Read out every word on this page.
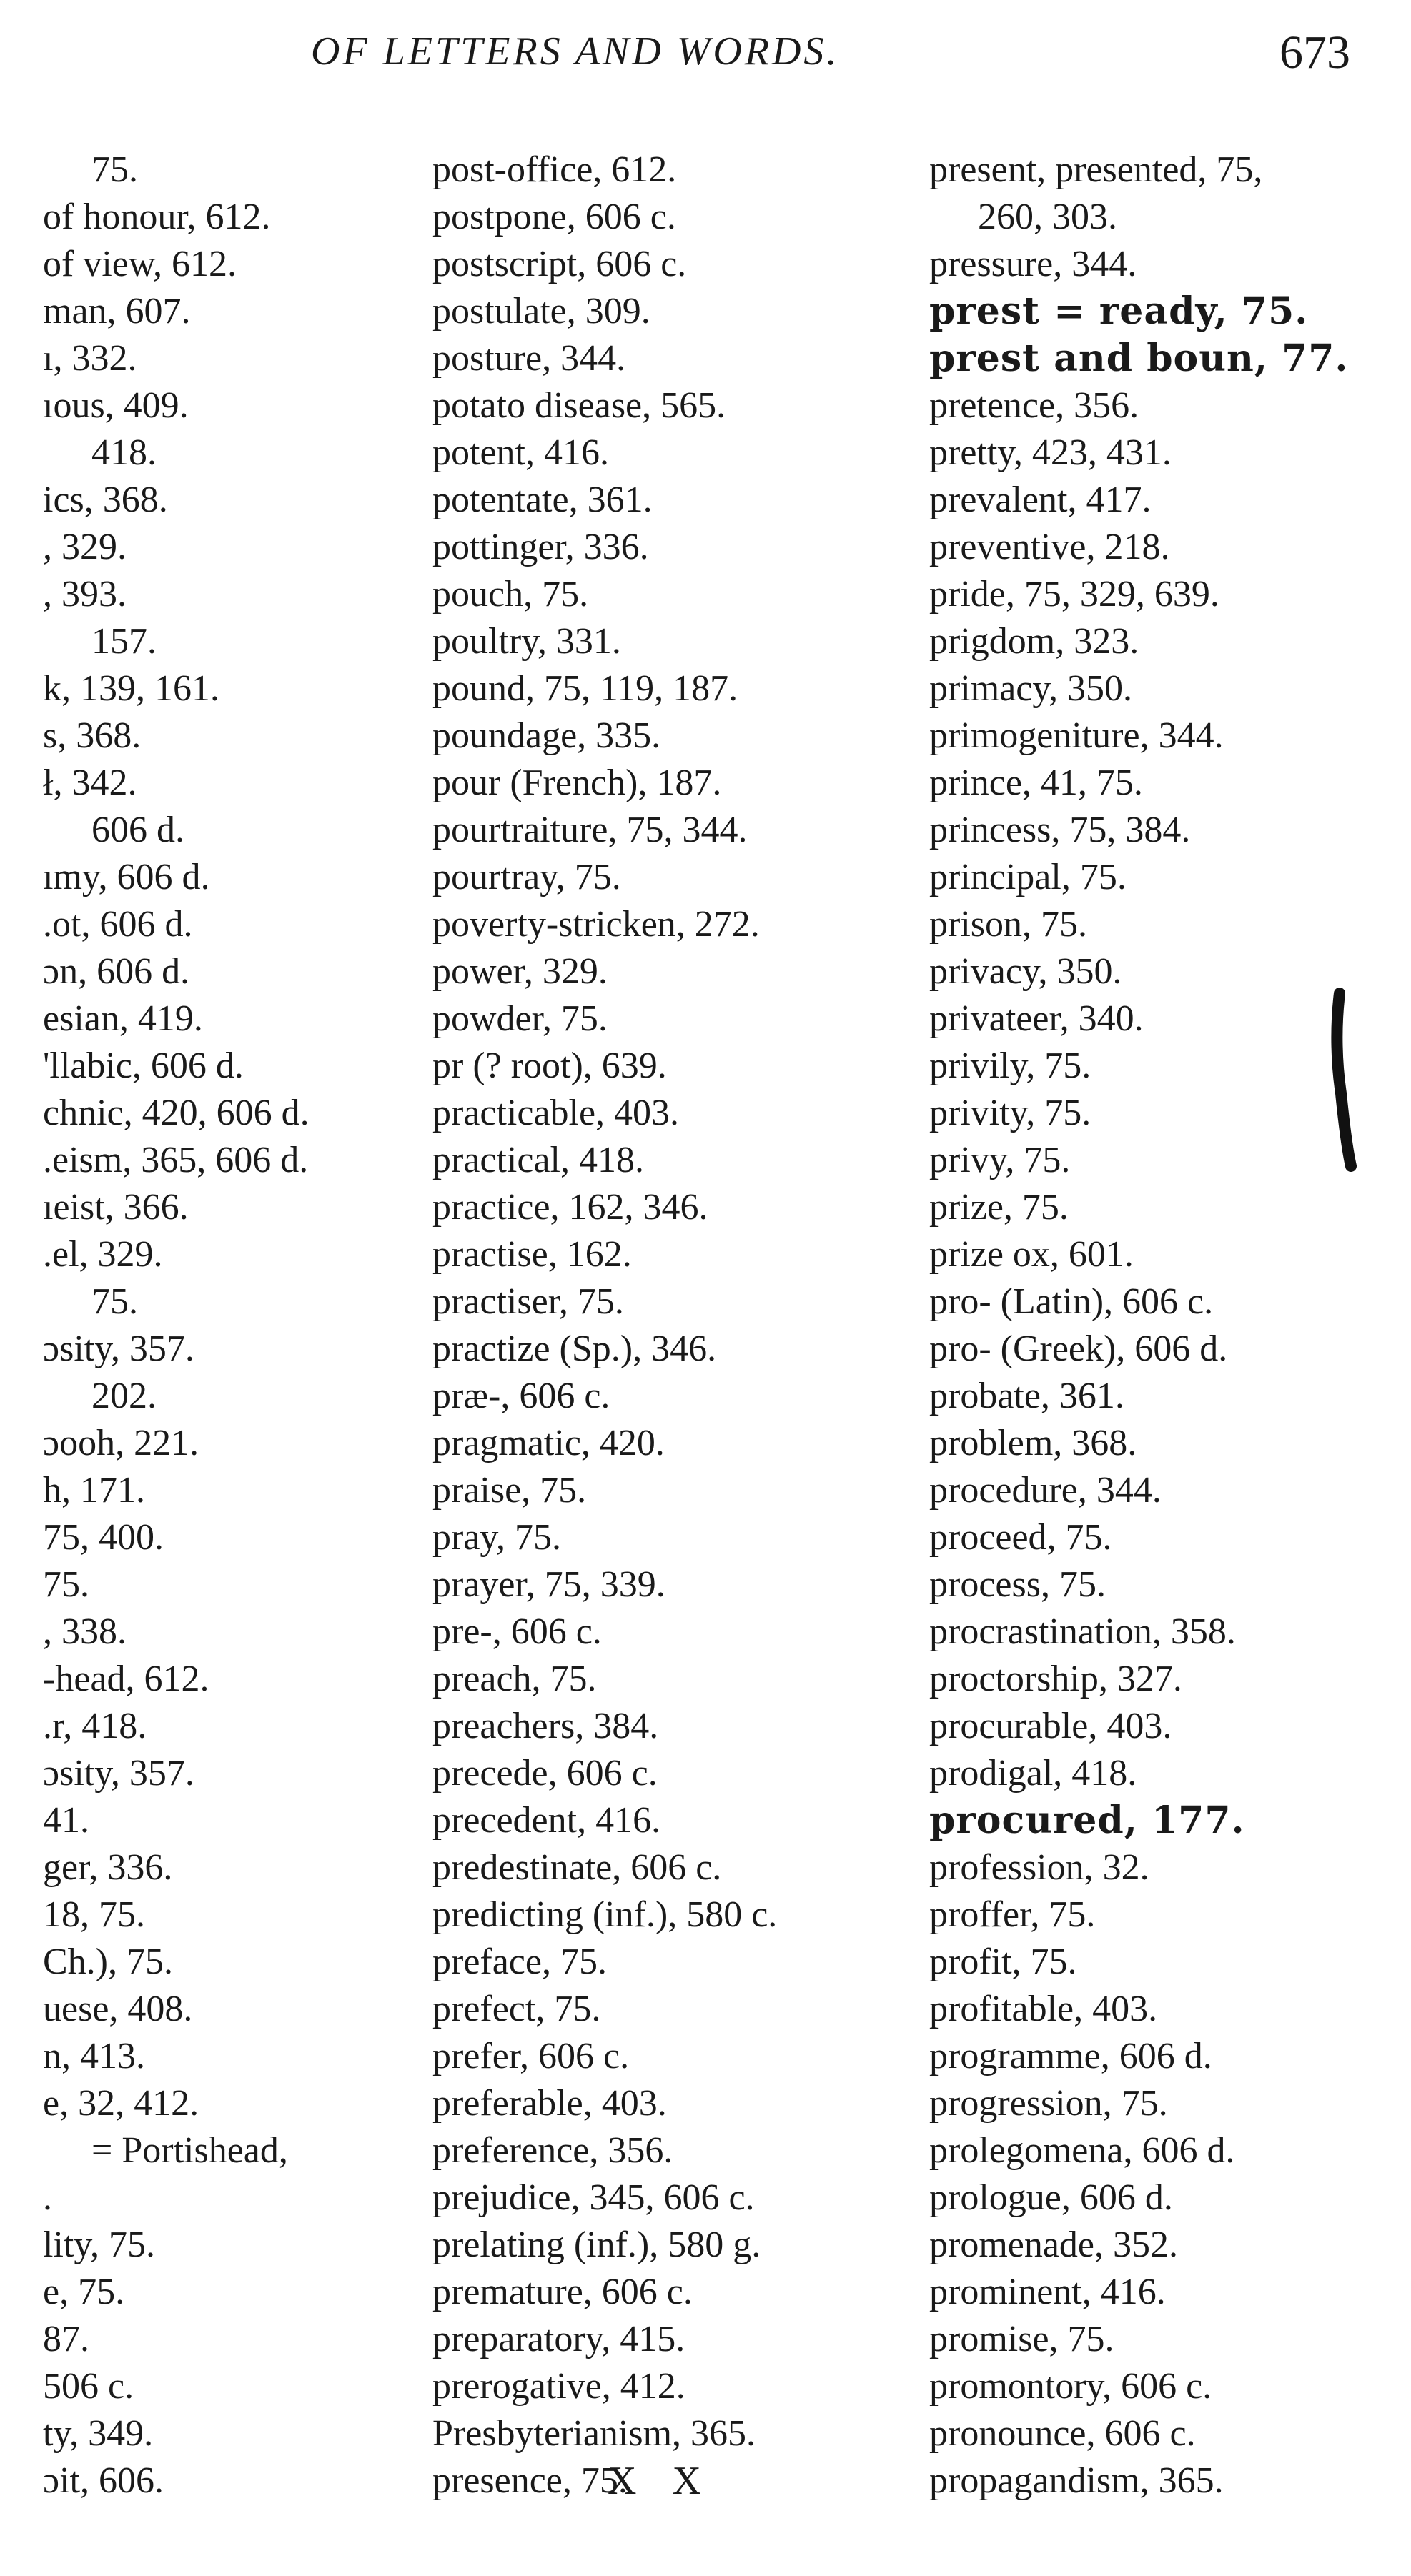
OF LETTERS AND WORDS.	673
75.
of honour, 612.
of view, 612.
man, 607.
ı, 332.
ıous, 409.
418.
ics, 368.
, 329.
, 393.
157.
k, 139, 161.
s, 368.
ł, 342.
606 d.
ımy, 606 d.
.ot, 606 d.
ɔn, 606 d.
esian, 419.
'llabic, 606 d.
chnic, 420, 606 d.
.eism, 365, 606 d.
ıeist, 366.
.el, 329.
75.
ɔsity, 357.
202.
ɔooh, 221.
h, 171.
75, 400.
75.
, 338.
-head, 612.
.r, 418.
ɔsity, 357.
41.
ger, 336.
18, 75.
Ch.), 75.
uese, 408.
n, 413.
e, 32, 412.
= Portishead,
.
lity, 75.
e, 75.
87.
506 c.
ty, 349.
ɔit, 606.
post-office, 612.
postpone, 606 c.
postscript, 606 c.
postulate, 309.
posture, 344.
potato disease, 565.
potent, 416.
potentate, 361.
pottinger, 336.
pouch, 75.
poultry, 331.
pound, 75, 119, 187.
poundage, 335.
pour (French), 187.
pourtraiture, 75, 344.
pourtray, 75.
poverty-stricken, 272.
power, 329.
powder, 75.
pr (? root), 639.
practicable, 403.
practical, 418.
practice, 162, 346.
practise, 162.
practiser, 75.
practize (Sp.), 346.
præ-, 606 c.
pragmatic, 420.
praise, 75.
pray, 75.
prayer, 75, 339.
pre-, 606 c.
preach, 75.
preachers, 384.
precede, 606 c.
precedent, 416.
predestinate, 606 c.
predicting (inf.), 580 c.
preface, 75.
prefect, 75.
prefer, 606 c.
preferable, 403.
preference, 356.
prejudice, 345, 606 c.
prelating (inf.), 580 g.
premature, 606 c.
preparatory, 415.
prerogative, 412.
Presbyterianism, 365.
presence, 75.
present, presented, 75,
260, 303.
pressure, 344.
prest = ready, 75.
prest and boun, 77.
pretence, 356.
pretty, 423, 431.
prevalent, 417.
preventive, 218.
pride, 75, 329, 639.
prigdom, 323.
primacy, 350.
primogeniture, 344.
prince, 41, 75.
princess, 75, 384.
principal, 75.
prison, 75.
privacy, 350.
privateer, 340.
privily, 75.
privity, 75.
privy, 75.
prize, 75.
prize ox, 601.
pro- (Latin), 606 c.
pro- (Greek), 606 d.
probate, 361.
problem, 368.
procedure, 344.
proceed, 75.
process, 75.
procrastination, 358.
proctorship, 327.
procurable, 403.
prodigal, 418.
procured, 177.
profession, 32.
proffer, 75.
profit, 75.
profitable, 403.
programme, 606 d.
progression, 75.
prolegomena, 606 d.
prologue, 606 d.
promenade, 352.
prominent, 416.
promise, 75.
promontory, 606 c.
pronounce, 606 c.
propagandism, 365.
X X
